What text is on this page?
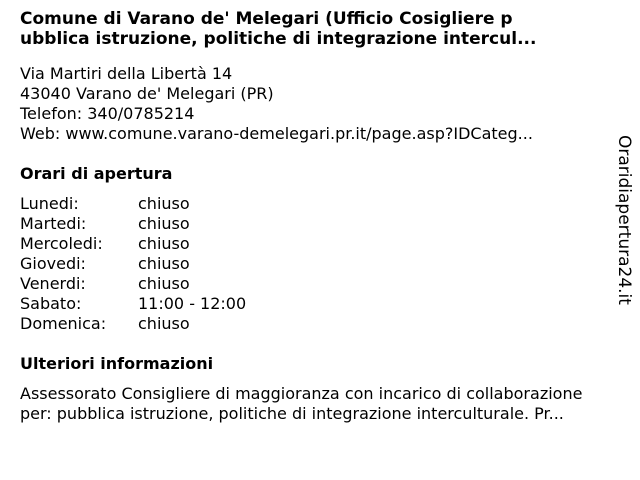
Comune di Varano de' Melegari (Ufficio Cosigliere p
ubblica istruzione, politiche di integrazione intercul...
Via Martiri della Libertà 14
43040 Varano de' Melegari (PR)
Telefon: 340/0785214
Web: www.comune.varano-demelegari.pr.it/page.asp?IDCateg...
Orari di apertura
Lunedi:	chiuso
Martedi:	chiuso
Mercoledi: chiuso
Giovedi:	chiuso
Venerdi:	chiuso
Sabato:	11:00 - 12:00
Domenica: chiuso
Ulteriori informazioni
Assessorato Consigliere di maggioranza con incarico di collaborazione
per: pubblica istruzione, politiche di integrazione interculturale. Pr...
Oraridiapertura24.it
